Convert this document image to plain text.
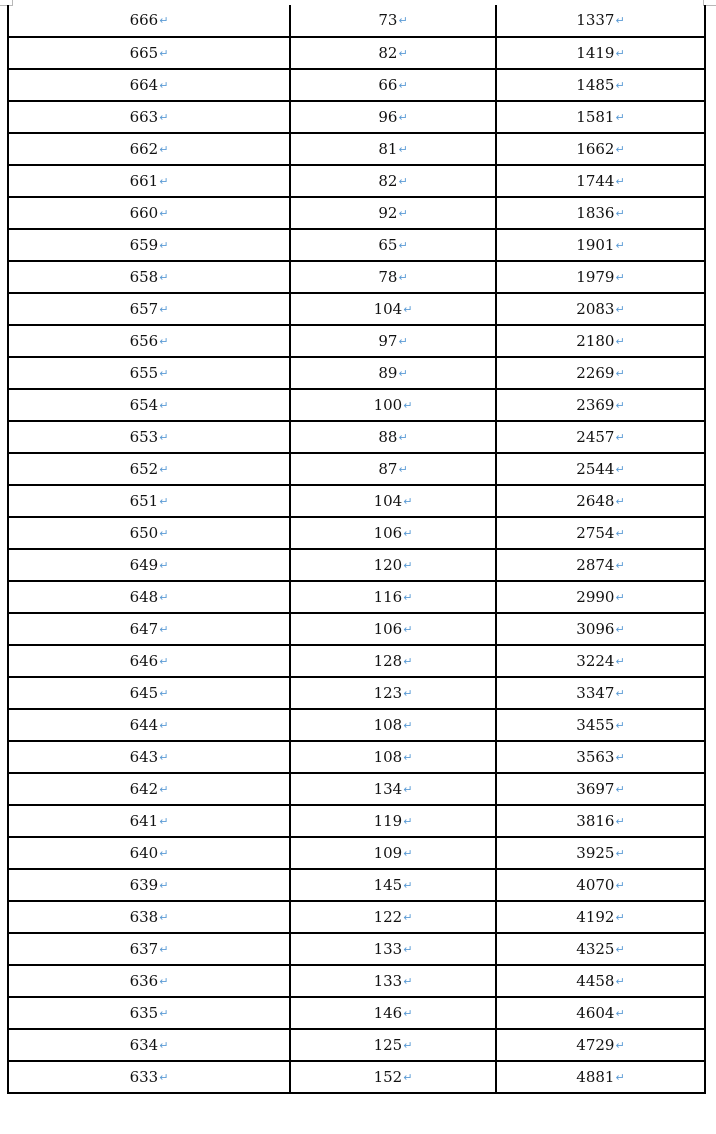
666↵	73↵	1337↵
665↵	82↵	1419↵
664↵	66↵	1485↵
663↵	96↵	1581↵
662↵	81↵	1662↵
661↵	82↵	1744↵
660↵	92↵	1836↵
659↵	65↵	1901↵
658↵	78↵	1979↵
657↵	104↵	2083↵
656↵	97↵	2180↵
655↵	89↵	2269↵
654↵	100↵	2369↵
653↵	88↵	2457↵
652↵	87↵	2544↵
651↵	104↵	2648↵
650↵	106↵	2754↵
649↵	120↵	2874↵
648↵	116↵	2990↵
647↵	106↵	3096↵
646↵	128↵	3224↵
645↵	123↵	3347↵
644↵	108↵	3455↵
643↵	108↵	3563↵
642↵	134↵	3697↵
641↵	119↵	3816↵
640↵	109↵	3925↵
639↵	145↵	4070↵
638↵	122↵	4192↵
637↵	133↵	4325↵
636↵	133↵	4458↵
635↵	146↵	4604↵
634↵	125↵	4729↵
633↵	152↵	4881↵
